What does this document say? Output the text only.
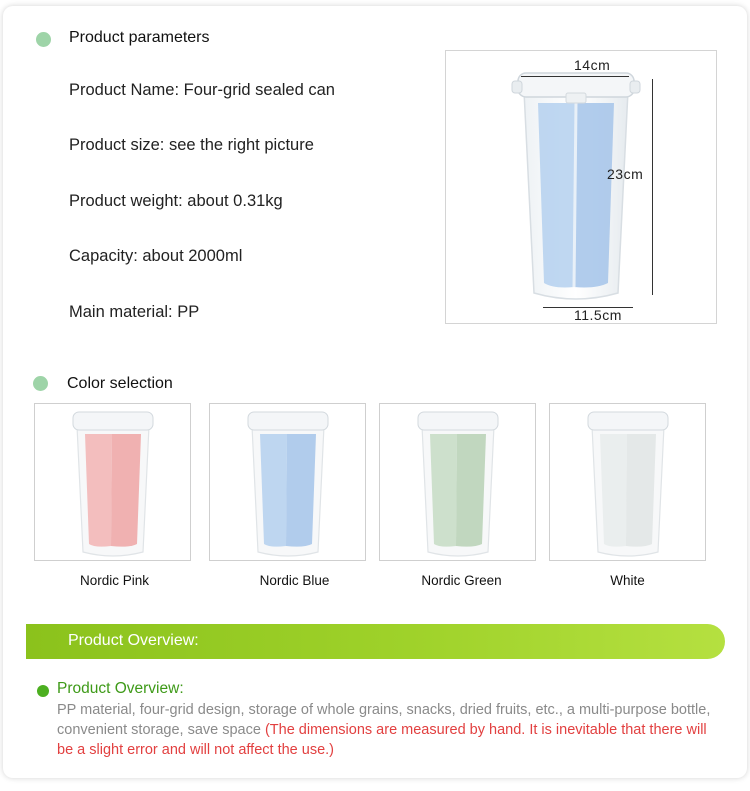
Product parameters
Product Name: Four-grid sealed can
Product size: see the right picture
Product weight: about 0.31kg
Capacity: about 2000ml
Main material: PP
14cm
23cm
11.5cm
Color selection
Nordic Pink	Nordic Blue	Nordic Green	White
Product Overview:
Product Overview:
PP material, four-grid design, storage of whole grains, snacks, dried fruits, etc., a multi-purpose bottle, convenient storage, save space (The dimensions are measured by hand. It is inevitable that there will be a slight error and will not affect the use.)
